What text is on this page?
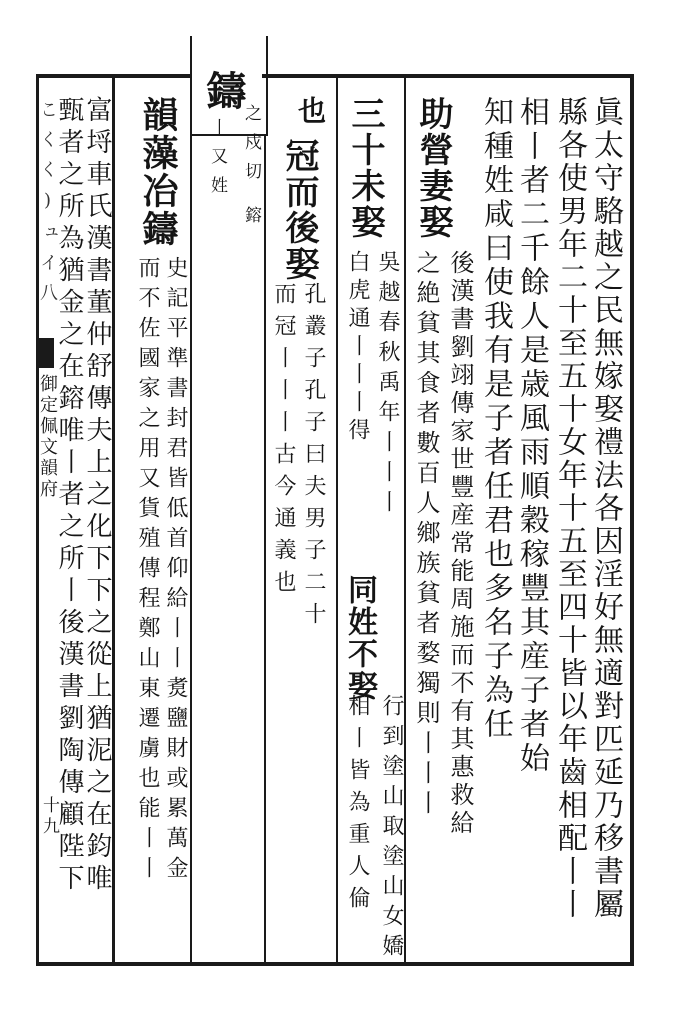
御定佩文韻府
こくく)ュイ八
十九
鑄
之戍切
鎔
丨又姓	眞太守駱越之民無嫁娶禮法各因淫好無適對匹延乃移書屬
縣各使男年二十至五十女年十五至四十皆以年齒相配丨丨
相丨者二千餘人是歳風雨順穀稼豐其産子者始
知種姓咸曰使我有是子者任君也多名子為任
助營妻娶
後漢書劉翊傳家世豐産常能周施而不有其惠救給
之絶貧其食者數百人鄉族貧者婺獨則丨丨丨
三十未娶
吳越春秋禹年丨丨丨
白虎通丨丨丨得
同姓不娶
行到塗山取塗山女嬌
相丨皆為重人倫
也
冠而後娶
孔叢子孔子曰夫男子二十
而冠丨丨丨古今通義也
韻藻冶鑄
史記平準書封君皆低首仰給丨丨煑鹽財或累萬金
而不佐國家之用又貨殖傳程鄭山東遷虜也能丨丨
富埒車氏漢書董仲舒傳夫上之化下下之從上猶泥之在鈞唯
甄者之所為猶金之在鎔唯丨者之所丨後漢書劉陶傳顧陛下
